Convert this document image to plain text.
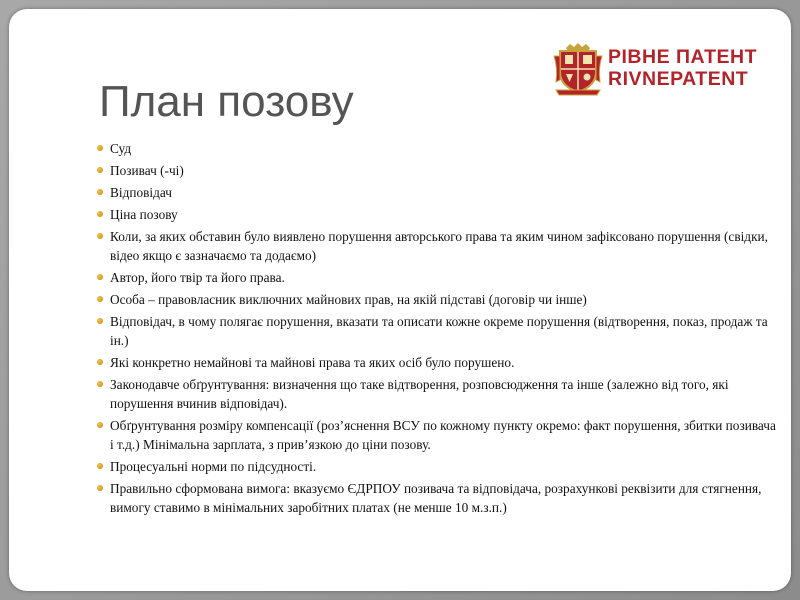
План позову
РІВНЕ ПАТЕНТ
RIVNEPATENT
Суд
Позивач (-чі)
Відповідач
Ціна позову
Коли, за яких обставин було виявлено порушення авторського права та яким чином зафіксовано порушення (свідки, відео якщо є зазначаємо та додаємо)
Автор, його твір та його права.
Особа – правовласник виключних майнових прав, на якій підставі (договір чи інше)
Відповідач, в чому полягає порушення, вказати та описати кожне окреме порушення (відтворення, показ, продаж та ін.)
Які конкретно немайнові та майнові права та яких осіб було порушено.
Законодавче обґрунтування: визначення що таке відтворення, розповсюдження та інше (залежно від того, які порушення вчинив відповідач).
Обґрунтування розміру компенсації (роз’яснення ВСУ по кожному пункту окремо: факт порушення, збитки позивача і т.д.) Мінімальна зарплата, з прив’язкою до ціни позову.
Процесуальні норми по підсудності.
Правильно сформована вимога: вказуємо ЄДРПОУ позивача та відповідача, розрахункові реквізити для стягнення, вимогу ставимо в мінімальних заробітних платах (не менше 10 м.з.п.)
